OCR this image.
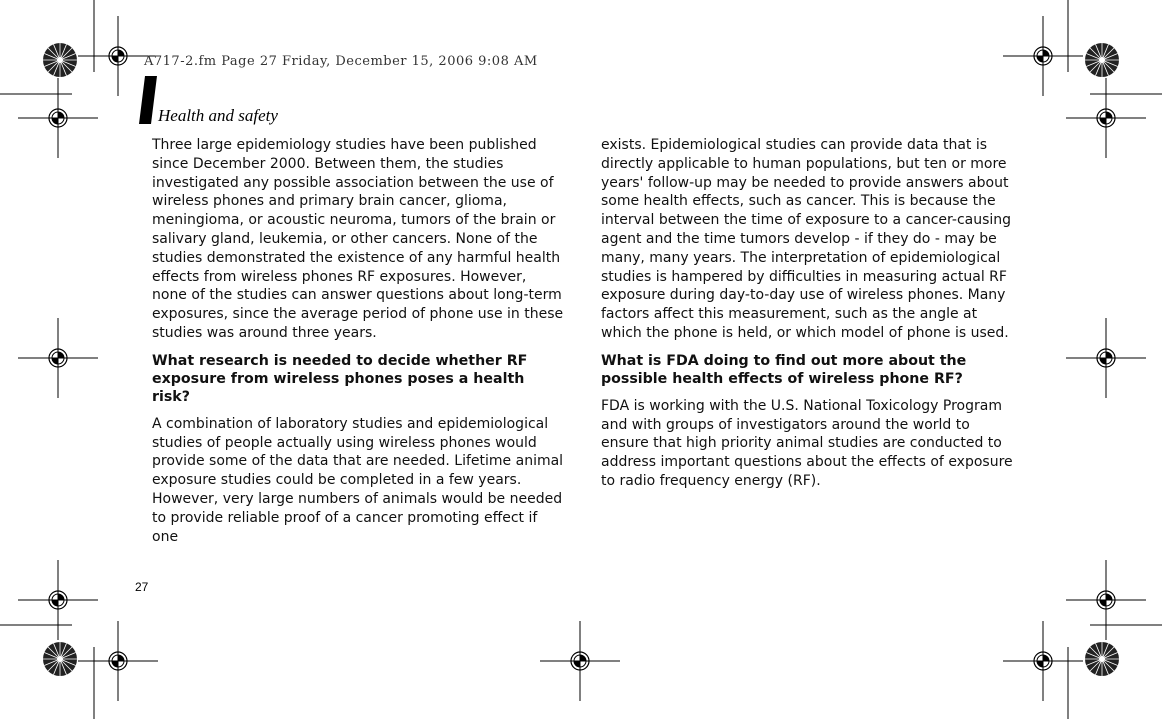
A717-2.fm Page 27 Friday, December 15, 2006 9:08 AM
Health and safety

Three large epidemiology studies have been published since December 2000. Between them, the studies investigated any possible association between the use of wireless phones and primary brain cancer, glioma, meningioma, or acoustic neuroma, tumors of the brain or salivary gland, leukemia, or other cancers. None of the studies demonstrated the existence of any harmful health effects from wireless phones RF exposures. However, none of the studies can answer questions about long-term exposures, since the average period of phone use in these studies was around three years.

What research is needed to decide whether RF exposure from wireless phones poses a health risk?

A combination of laboratory studies and epidemiological studies of people actually using wireless phones would provide some of the data that are needed. Lifetime animal exposure studies could be completed in a few years. However, very large numbers of animals would be needed to provide reliable proof of a cancer promoting effect if one

exists. Epidemiological studies can provide data that is directly applicable to human populations, but ten or more years' follow-up may be needed to provide answers about some health effects, such as cancer. This is because the interval between the time of exposure to a cancer-causing agent and the time tumors develop - if they do - may be many, many years. The interpretation of epidemiological studies is hampered by difficulties in measuring actual RF exposure during day-to-day use of wireless phones. Many factors affect this measurement, such as the angle at which the phone is held, or which model of phone is used.

What is FDA doing to find out more about the possible health effects of wireless phone RF?

FDA is working with the U.S. National Toxicology Program and with groups of investigators around the world to ensure that high priority animal studies are conducted to address important questions about the effects of exposure to radio frequency energy (RF).

27
